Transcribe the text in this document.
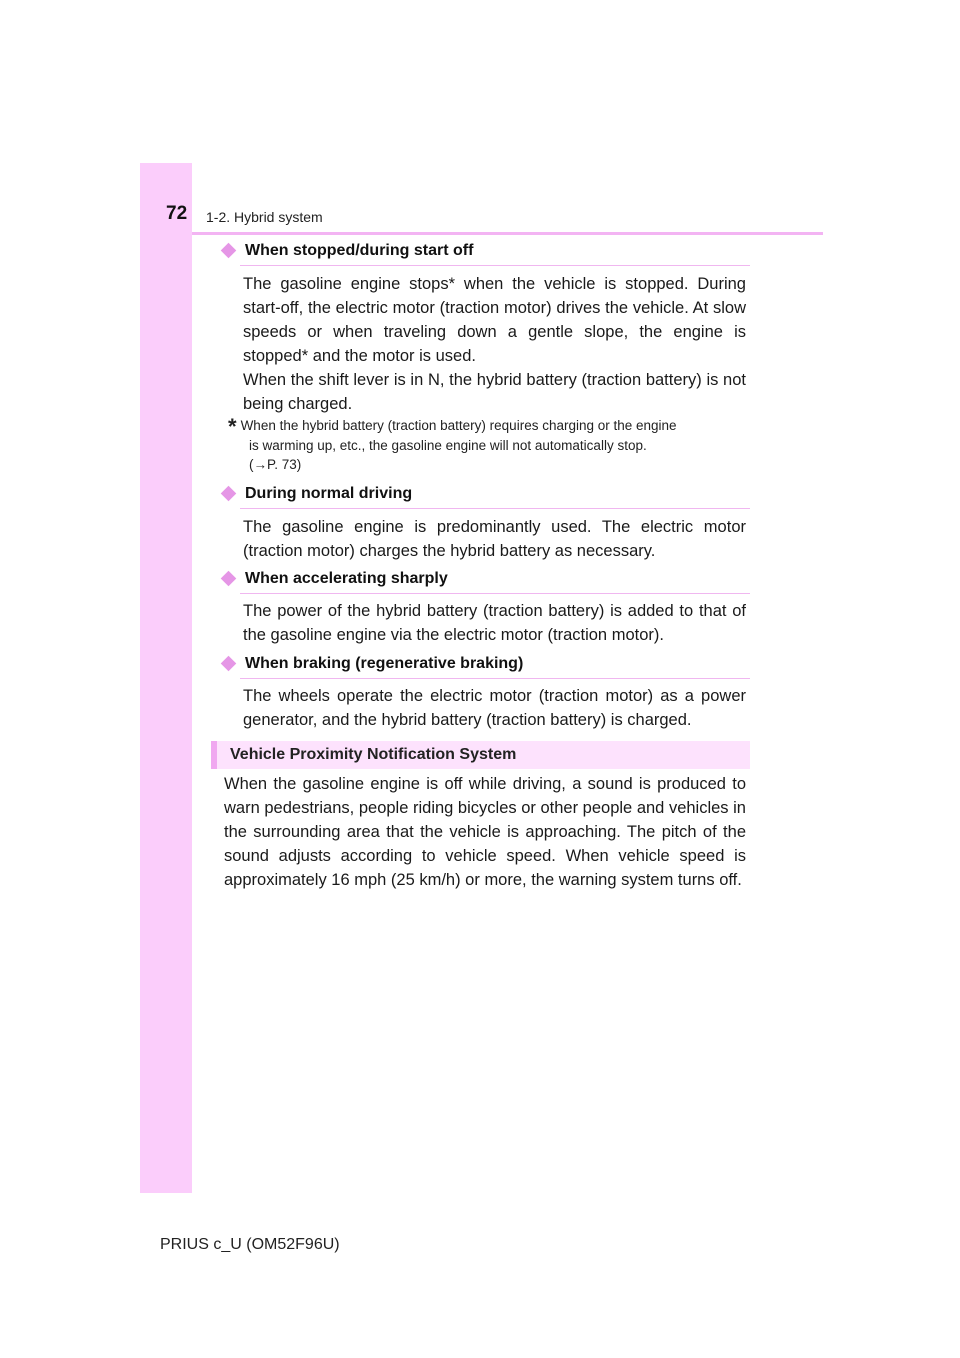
72 1-2. Hybrid system
When stopped/during start off

The gasoline engine stops* when the vehicle is stopped. During start-off, the electric motor (traction motor) drives the vehicle. At slow speeds or when traveling down a gentle slope, the engine is stopped* and the motor is used.

When the shift lever is in N, the hybrid battery (traction battery) is not being charged.

* When the hybrid battery (traction battery) requires charging or the engine
is warming up, etc., the gasoline engine will not automatically stop.
(→P. 73)
During normal driving

The gasoline engine is predominantly used. The electric motor (traction motor) charges the hybrid battery as necessary.

When accelerating sharply

The power of the hybrid battery (traction battery) is added to that of the gasoline engine via the electric motor (traction motor).

When braking (regenerative braking)

The wheels operate the electric motor (traction motor) as a power generator, and the hybrid battery (traction battery) is charged.

Vehicle Proximity Notification System

When the gasoline engine is off while driving, a sound is produced to warn pedestrians, people riding bicycles or other people and vehicles in the surrounding area that the vehicle is approaching. The pitch of the sound adjusts according to vehicle speed. When vehicle speed is approximately 16 mph (25 km/h) or more, the warning system turns off.

PRIUS c_U (OM52F96U)
